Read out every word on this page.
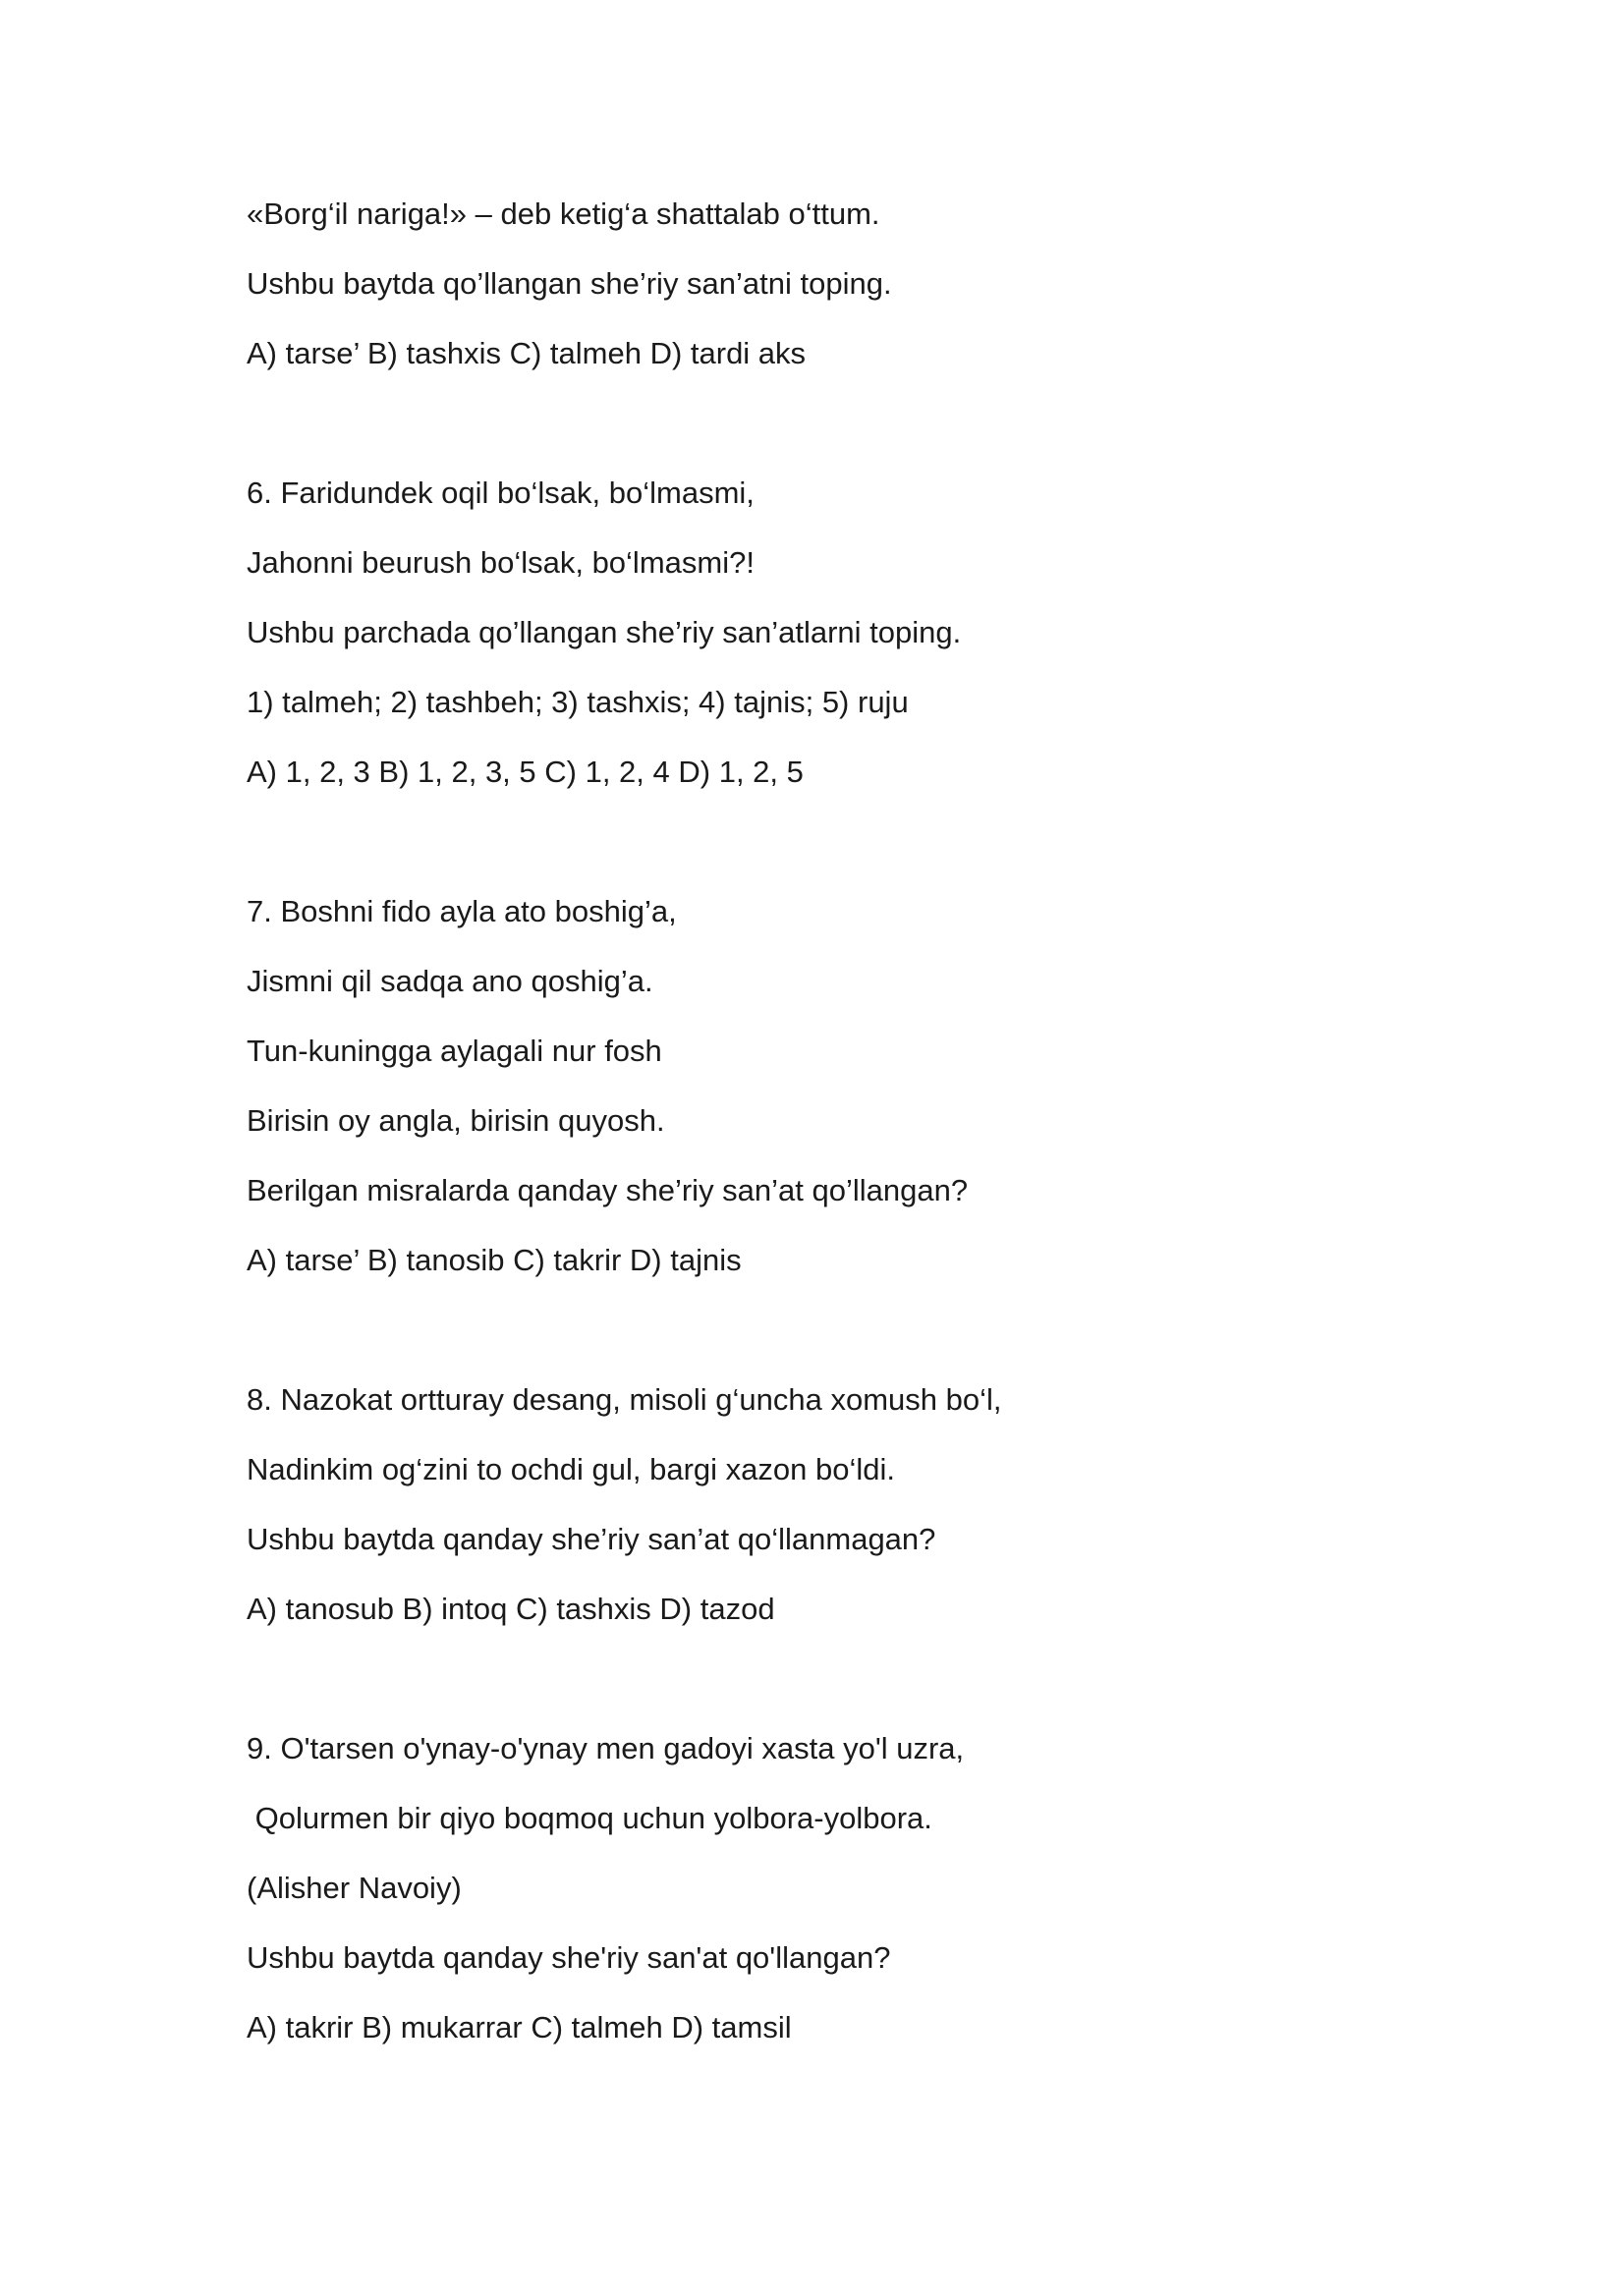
«Borg‘il nariga!» – deb ketig‘a shattalab o‘ttum.

Ushbu baytda qo’llangan she’riy san’atni toping.

A) tarse’ B) tashxis C) talmeh D) tardi aks

6. Faridundek oqil bo‘lsak, bo‘lmasmi,

Jahonni beurush bo‘lsak, bo‘lmasmi?!

Ushbu parchada qo’llangan she’riy san’atlarni toping.

1) talmeh; 2) tashbeh; 3) tashxis; 4) tajnis; 5) ruju

A) 1, 2, 3 B) 1, 2, 3, 5 C) 1, 2, 4 D) 1, 2, 5

7. Boshni fido ayla ato boshig’a,

Jismni qil sadqa ano qoshig’a.

Tun-kuningga aylagali nur fosh

Birisin oy angla, birisin quyosh.

Berilgan misralarda qanday she’riy san’at qo’llangan?

A) tarse’ B) tanosib C) takrir D) tajnis

8. Nazokat ortturay desang, misoli g‘uncha xomush bo‘l,

Nadinkim og‘zini to ochdi gul, bargi xazon bo‘ldi.

Ushbu baytda qanday she’riy san’at qo‘llanmagan?

A) tanosub B) intoq C) tashxis D) tazod

9. O'tarsen o'ynay-o'ynay men gadoyi xasta yo'l uzra,

Qolurmen bir qiyo boqmoq uchun yolbora-yolbora.

(Alisher Navoiy)

Ushbu baytda qanday she'riy san'at qo'llangan?

A) takrir B) mukarrar C) talmeh D) tamsil
